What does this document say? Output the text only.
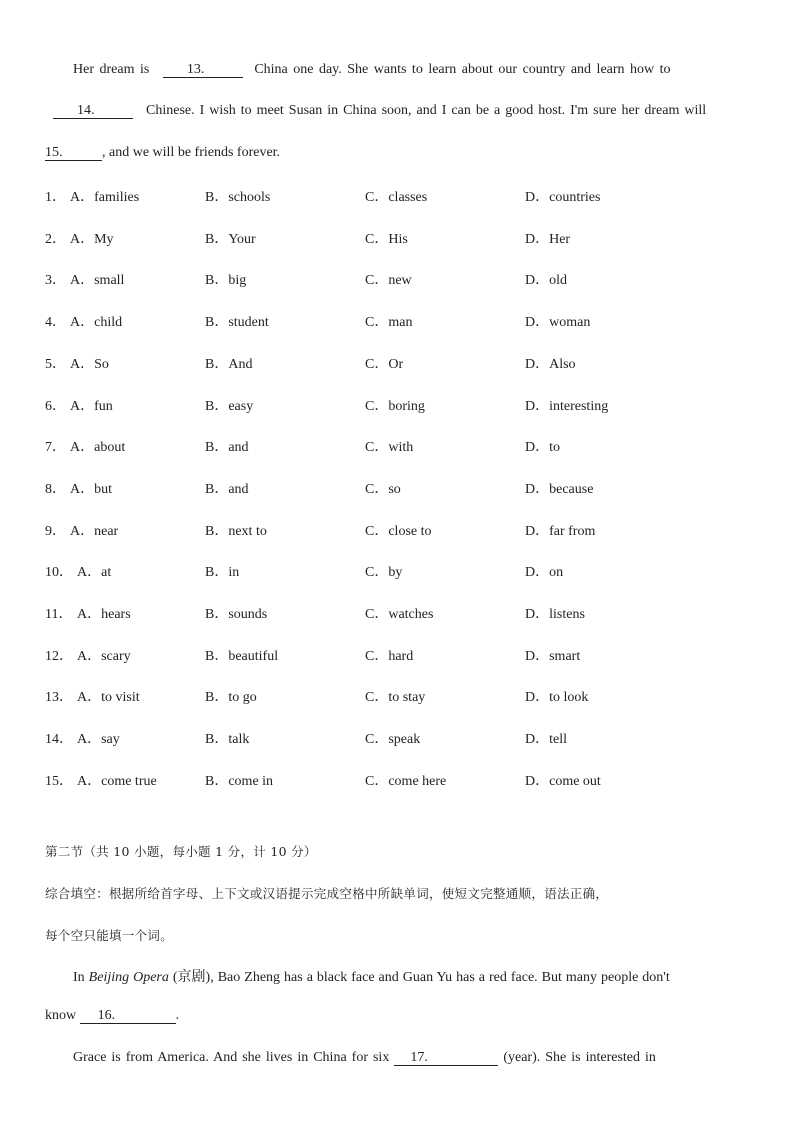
Her dream is	13.	China one day. She wants to learn about our country and learn how to
14.	Chinese. I wish to meet Susan in China soon, and I can be a good host. I'm sure her dream will
15.	, and we will be friends forever.
1． A．families	B．schools	C．classes	D．countries
2． A．My	B．Your	C．His	D．Her
3． A．small	B．big	C．new	D．old
4． A．child	B．student	C．man	D．woman
5． A．So	B．And	C．Or	D．Also
6． A．fun	B．easy	C．boring	D．interesting
7． A．about	B．and	C．with	D．to
8． A．but	B．and	C．so	D．because
9． A．near	B．next to	C．close to	D．far from
10． A．at	B．in	C．by	D．on
11． A．hears	B．sounds	C．watches	D．listens
12． A．scary	B．beautiful	C．hard	D．smart
13． A．to visit	B．to go	C．to stay	D．to look
14． A．say	B．talk	C．speak	D．tell
15． A．come true	B．come in	C．come here	D．come out
第二节（共 10 小题，每小题 1 分，计 10 分）
综合填空：根据所给首字母、上下文或汉语提示完成空格中所缺单词，使短文完整通顺，语法正确，
每个空只能填一个词。
In Beijing Opera (京剧), Bao Zheng has a black face and Guan Yu has a red face. But many people don't
know 16.	.
Grace is from America. And she lives in China for six 17.	(year). She is interested in
